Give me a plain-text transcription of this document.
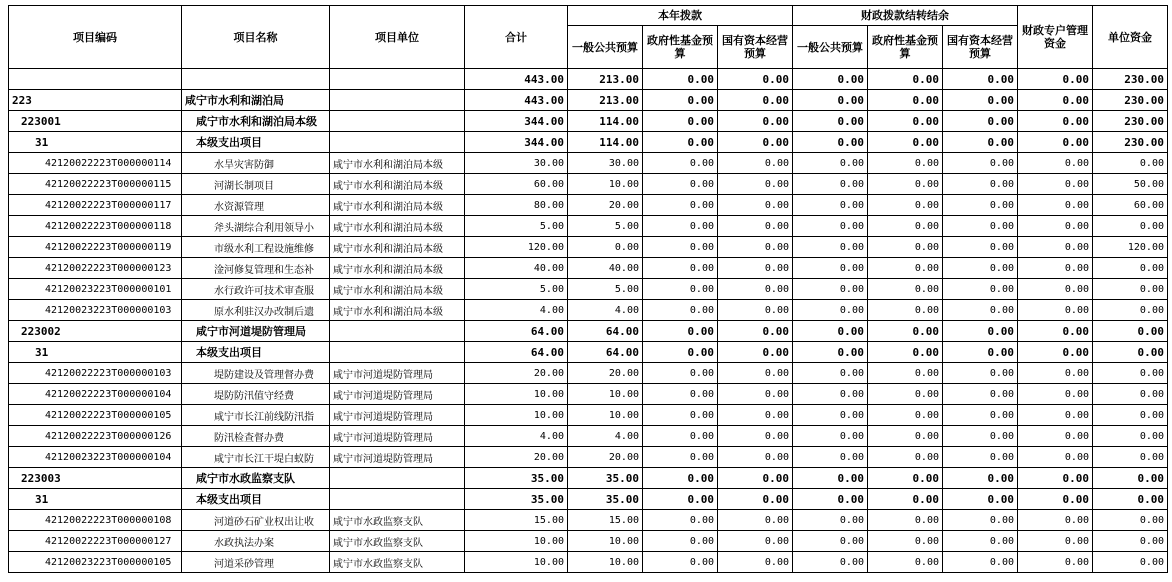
项目编码	项目名称	项目单位	合计	本年拨款			财政拨款结转结余			财政专户管理资金	单位资金
				一般公共预算	政府性基金预算	国有资本经营预算	一般公共预算	政府性基金预算	国有资本经营预算		
			443.00	213.00	0.00	0.00	0.00	0.00	0.00	0.00	230.00
223	咸宁市水利和湖泊局		443.00	213.00	0.00	0.00	0.00	0.00	0.00	0.00	230.00
223001	咸宁市水利和湖泊局本级		344.00	114.00	0.00	0.00	0.00	0.00	0.00	0.00	230.00
31	本级支出项目		344.00	114.00	0.00	0.00	0.00	0.00	0.00	0.00	230.00
42120022223T000000114	水旱灾害防御	咸宁市水利和湖泊局本级	30.00	30.00	0.00	0.00	0.00	0.00	0.00	0.00	0.00
42120022223T000000115	河湖长制项目	咸宁市水利和湖泊局本级	60.00	10.00	0.00	0.00	0.00	0.00	0.00	0.00	50.00
42120022223T000000117	水资源管理	咸宁市水利和湖泊局本级	80.00	20.00	0.00	0.00	0.00	0.00	0.00	0.00	60.00
42120022223T000000118	斧头湖综合利用领导小	咸宁市水利和湖泊局本级	5.00	5.00	0.00	0.00	0.00	0.00	0.00	0.00	0.00
42120022223T000000119	市级水利工程设施维修	咸宁市水利和湖泊局本级	120.00	0.00	0.00	0.00	0.00	0.00	0.00	0.00	120.00
42120022223T000000123	淦河修复管理和生态补	咸宁市水利和湖泊局本级	40.00	40.00	0.00	0.00	0.00	0.00	0.00	0.00	0.00
42120023223T000000101	水行政许可技术审查服	咸宁市水利和湖泊局本级	5.00	5.00	0.00	0.00	0.00	0.00	0.00	0.00	0.00
42120023223T000000103	原水利驻汉办改制后遗	咸宁市水利和湖泊局本级	4.00	4.00	0.00	0.00	0.00	0.00	0.00	0.00	0.00
223002	咸宁市河道堤防管理局		64.00	64.00	0.00	0.00	0.00	0.00	0.00	0.00	0.00
31	本级支出项目		64.00	64.00	0.00	0.00	0.00	0.00	0.00	0.00	0.00
42120022223T000000103	堤防建设及管理督办费	咸宁市河道堤防管理局	20.00	20.00	0.00	0.00	0.00	0.00	0.00	0.00	0.00
42120022223T000000104	堤防防汛值守经费	咸宁市河道堤防管理局	10.00	10.00	0.00	0.00	0.00	0.00	0.00	0.00	0.00
42120022223T000000105	咸宁市长江前线防汛指	咸宁市河道堤防管理局	10.00	10.00	0.00	0.00	0.00	0.00	0.00	0.00	0.00
42120022223T000000126	防汛检查督办费	咸宁市河道堤防管理局	4.00	4.00	0.00	0.00	0.00	0.00	0.00	0.00	0.00
42120023223T000000104	咸宁市长江干堤白蚁防	咸宁市河道堤防管理局	20.00	20.00	0.00	0.00	0.00	0.00	0.00	0.00	0.00
223003	咸宁市水政监察支队		35.00	35.00	0.00	0.00	0.00	0.00	0.00	0.00	0.00
31	本级支出项目		35.00	35.00	0.00	0.00	0.00	0.00	0.00	0.00	0.00
42120022223T000000108	河道砂石矿业权出让收	咸宁市水政监察支队	15.00	15.00	0.00	0.00	0.00	0.00	0.00	0.00	0.00
42120022223T000000127	水政执法办案	咸宁市水政监察支队	10.00	10.00	0.00	0.00	0.00	0.00	0.00	0.00	0.00
42120023223T000000105	河道采砂管理	咸宁市水政监察支队	10.00	10.00	0.00	0.00	0.00	0.00	0.00	0.00	0.00
